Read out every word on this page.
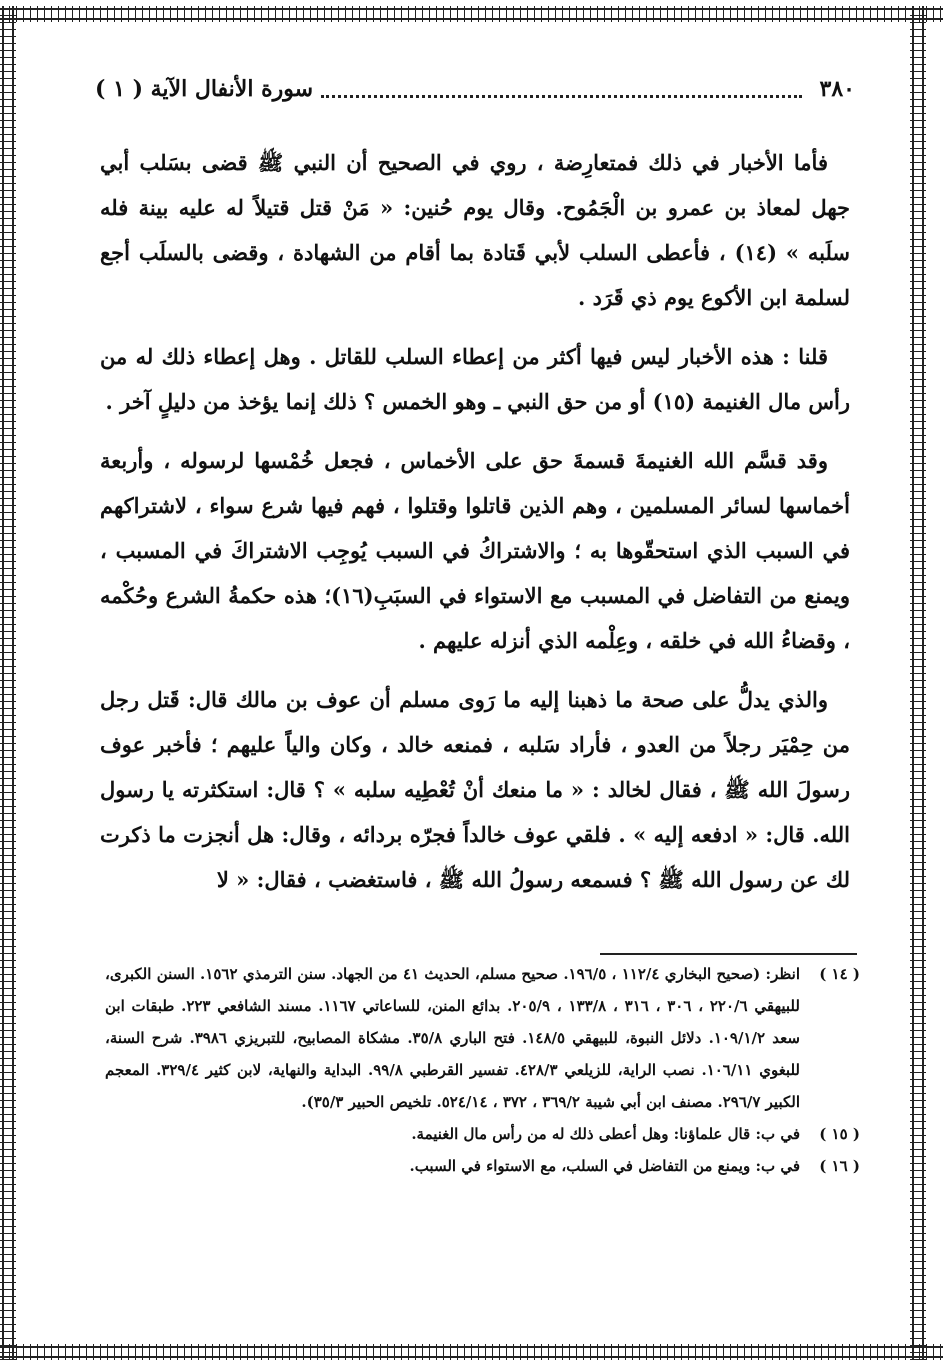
٣٨٠
سورة الأنفال الآية ( ١ )

فأما الأخبار في ذلك فمتعارِضة ، روي في الصحيح أن النبي ﷺ قضى بسَلب أبي جهل لمعاذ بن عمرو بن الْجَمُوح. وقال يوم حُنين: « مَنْ قتل قتيلاً له عليه بينة فله سلَبه » (١٤) ، فأعطى السلب لأبي قَتادة بما أقام من الشهادة ، وقضى بالسلَب أجع لسلمة ابن الأكوع يوم ذي قَرَد .

قلنا : هذه الأخبار ليس فيها أكثر من إعطاء السلب للقاتل . وهل إعطاء ذلك له من رأس مال الغنيمة (١٥) أو من حق النبي ـ وهو الخمس ؟ ذلك إنما يؤخذ من دليلٍ آخر .

وقد قسَّم الله الغنيمةَ قسمةَ حق على الأخماس ، فجعل خُمْسها لرسوله ، وأربعة أخماسها لسائر المسلمين ، وهم الذين قاتلوا وقتلوا ، فهم فيها شرع سواء ، لاشتراكهم في السبب الذي استحقّوها به ؛ والاشتراكُ في السبب يُوجِب الاشتراكَ في المسبب ، ويمنع من التفاضل في المسبب مع الاستواء في السبَبِ(١٦)؛ هذه حكمةُ الشرع وحُكْمه ، وقضاءُ الله في خلقه ، وعِلْمه الذي أنزله عليهم .

والذي يدلُّ على صحة ما ذهبنا إليه ما رَوى مسلم أن عوف بن مالك قال: قَتل رجل من حِمْيَر رجلاً من العدو ، فأراد سَلبه ، فمنعه خالد ، وكان والياً عليهم ؛ فأخبر عوف رسولَ الله ﷺ ، فقال لخالد : « ما منعك أنْ تُعْطِيه سلبه » ؟ قال: استكثرته يا رسول الله. قال: « ادفعه إليه » . فلقي عوف خالداً فجرّه بردائه ، وقال: هل أنجزت ما ذكرت لك عن رسول الله ﷺ ؟ فسمعه رسولُ الله ﷺ ، فاستغضب ، فقال: « لا

( ١٤ )
انظر: (صحيح البخاري ١١٢/٤ ، ١٩٦/٥. صحيح مسلم، الحديث ٤١ من الجهاد. سنن الترمذي ١٥٦٢. السنن الكبرى، للبيهقي ٢٢٠/٦ ، ٣٠٦ ، ٣١٦ ، ١٣٣/٨ ، ٢٠٥/٩. بدائع المنن، للساعاتي ١١٦٧. مسند الشافعي ٢٢٣. طبقات ابن سعد ١٠٩/١/٢. دلائل النبوة، للبيهقي ١٤٨/٥. فتح الباري ٣٥/٨. مشكاة المصابيح، للتبريزي ٣٩٨٦. شرح السنة، للبغوي ١٠٦/١١. نصب الراية، للزيلعي ٤٢٨/٣. تفسير القرطبي ٩٩/٨. البداية والنهاية، لابن كثير ٣٢٩/٤. المعجم الكبير ٢٩٦/٧. مصنف ابن أبي شيبة ٣٦٩/٢ ، ٣٧٢ ، ٥٢٤/١٤. تلخيص الحبير ٣٥/٣).
( ١٥ )
في ب: قال علماؤنا: وهل أعطى ذلك له من رأس مال الغنيمة.
( ١٦ )
في ب: ويمنع من التفاضل في السلب، مع الاستواء في السبب.
